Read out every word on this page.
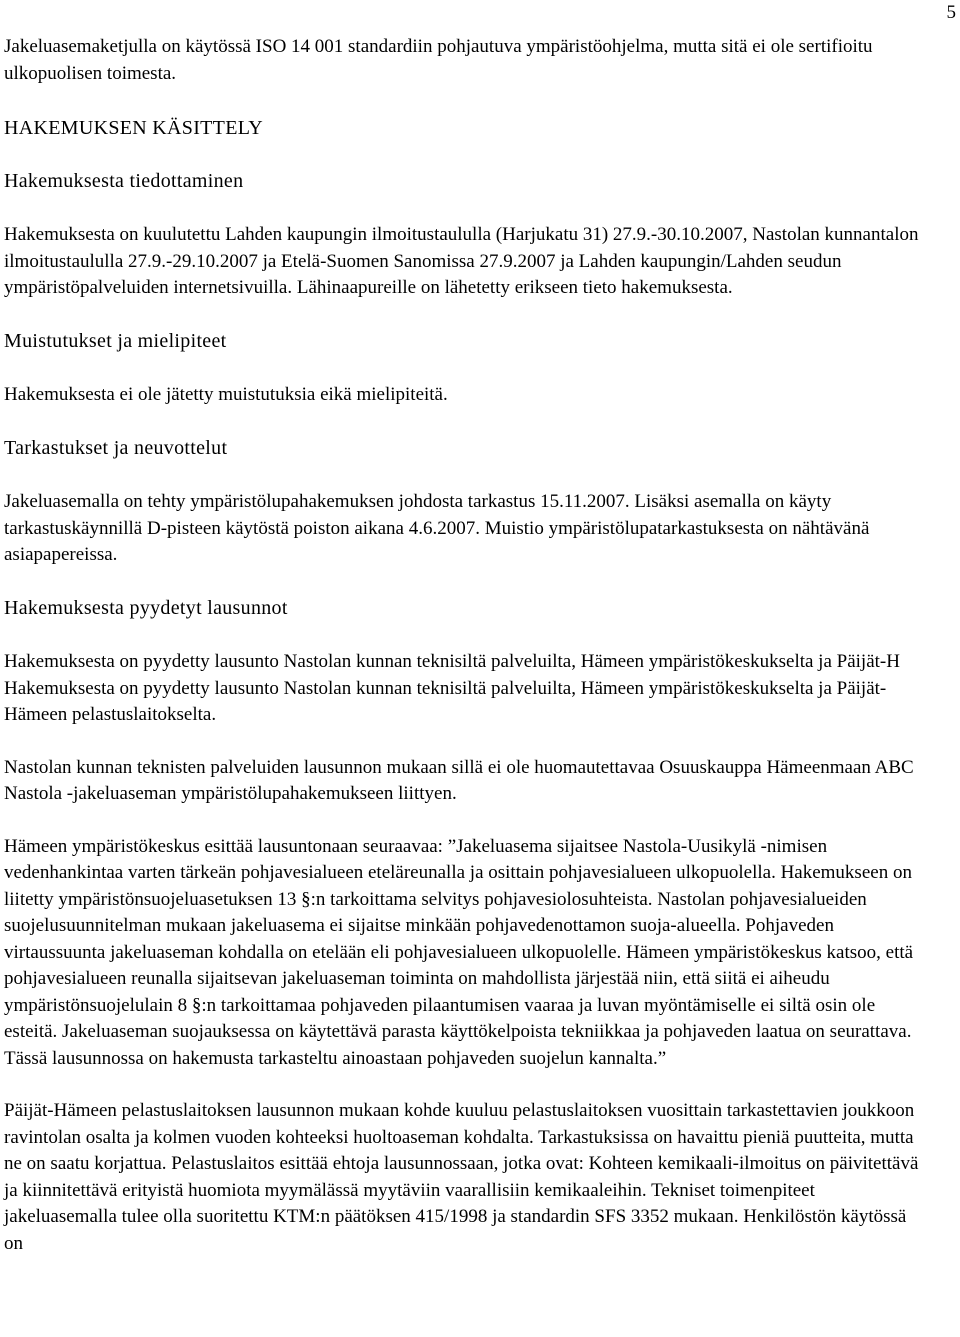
5

Jakeluasemaketjulla on käytössä ISO 14 001 standardiin pohjautuva ympäristöohjelma, mutta sitä ei ole sertifioitu ulkopuolisen toimesta.

HAKEMUKSEN KÄSITTELY

Hakemuksesta tiedottaminen

Hakemuksesta on kuulutettu Lahden kaupungin ilmoitustaululla (Harjukatu 31) 27.9.-30.10.2007, Nastolan kunnantalon ilmoitustaululla 27.9.-29.10.2007 ja Etelä-Suomen Sanomissa 27.9.2007 ja Lahden kaupungin/Lahden seudun ympäristöpalveluiden internetsivuilla. Lähinaapureille on lähetetty erikseen tieto hakemuksesta.

Muistutukset ja mielipiteet

Hakemuksesta ei ole jätetty muistutuksia eikä mielipiteitä.

Tarkastukset ja neuvottelut

Jakeluasemalla on tehty ympäristölupahakemuksen johdosta tarkastus 15.11.2007. Lisäksi asemalla on käyty tarkastuskäynnillä D-pisteen käytöstä poiston aikana 4.6.2007. Muistio ympäristölupatarkastuksesta on nähtävänä asiapapereissa.

Hakemuksesta pyydetyt lausunnot

Hakemuksesta on pyydetty lausunto Nastolan kunnan teknisiltä palveluilta, Hämeen ympäristökeskukselta ja Päijät-H Hakemuksesta on pyydetty lausunto Nastolan kunnan teknisiltä palveluilta, Hämeen ympäristökeskukselta ja Päijät-Hämeen pelastuslaitokselta.

Nastolan kunnan teknisten palveluiden lausunnon mukaan sillä ei ole huomautettavaa Osuuskauppa Hämeenmaan ABC Nastola -jakeluaseman ympäristölupahakemukseen liittyen.

Hämeen ympäristökeskus esittää lausuntonaan seuraavaa: ”Jakeluasema sijaitsee Nastola-Uusikylä -nimisen vedenhankintaa varten tärkeän pohjavesialueen eteläreunalla ja osittain pohjavesialueen ulkopuolella. Hakemukseen on liitetty ympäristönsuojeluasetuksen 13 §:n tarkoittama selvitys pohjavesiolosuhteista. Nastolan pohjavesialueiden suojelusuunnitelman mukaan jakeluasema ei sijaitse minkään pohjavedenottamon suoja-alueella. Pohjaveden virtaussuunta jakeluaseman kohdalla on etelään eli pohjavesialueen ulkopuolelle. Hämeen ympäristökeskus katsoo, että pohjavesialueen reunalla sijaitsevan jakeluaseman toiminta on mahdollista järjestää niin, että siitä ei aiheudu ympäristönsuojelulain 8 §:n tarkoittamaa pohjaveden pilaantumisen vaaraa ja luvan myöntämiselle ei siltä osin ole esteitä. Jakeluaseman suojauksessa on käytettävä parasta käyttökelpoista tekniikkaa ja pohjaveden laatua on seurattava. Tässä lausunnossa on hakemusta tarkasteltu ainoastaan pohjaveden suojelun kannalta.”

Päijät-Hämeen pelastuslaitoksen lausunnon mukaan kohde kuuluu pelastuslaitoksen vuosittain tarkastettavien joukkoon ravintolan osalta ja kolmen vuoden kohteeksi huoltoaseman kohdalta. Tarkastuksissa on havaittu pieniä puutteita, mutta ne on saatu korjattua. Pelastuslaitos esittää ehtoja lausunnossaan, jotka ovat: Kohteen kemikaali-ilmoitus on päivitettävä ja kiinnitettävä erityistä huomiota myymälässä myytäviin vaarallisiin kemikaaleihin. Tekniset toimenpiteet jakeluasemalla tulee olla suoritettu KTM:n päätöksen 415/1998 ja standardin SFS 3352 mukaan. Henkilöstön käytössä on
